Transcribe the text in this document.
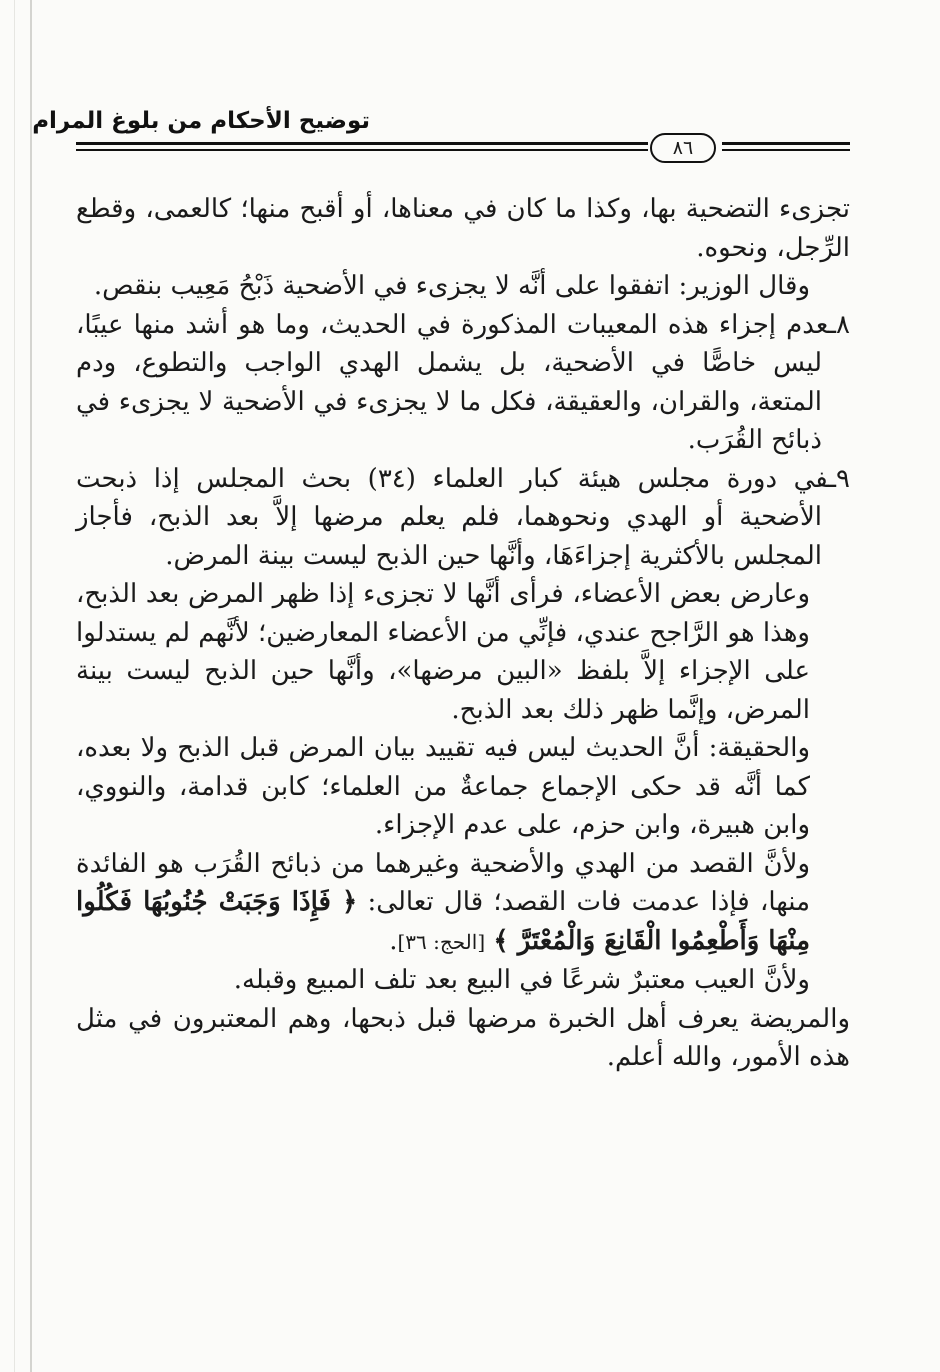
توضيح الأحكام من بلوغ المرام
٨٦

تجزىء التضحية بها، وكذا ما كان في معناها، أو أقبح منها؛ كالعمى، وقطع الرِّجل، ونحوه.

وقال الوزير: اتفقوا على أنَّه لا يجزىء في الأضحية ذَبْحُ مَعِيب بنقص.

٨ـعدم إجزاء هذه المعيبات المذكورة في الحديث، وما هو أشد منها عيبًا، ليس خاصًّا في الأضحية، بل يشمل الهدي الواجب والتطوع، ودم المتعة، والقران، والعقيقة، فكل ما لا يجزىء في الأضحية لا يجزىء في ذبائح القُرَب.

٩ـفي دورة مجلس هيئة كبار العلماء (٣٤) بحث المجلس إذا ذبحت الأضحية أو الهدي ونحوهما، فلم يعلم مرضها إلاَّ بعد الذبح، فأجاز المجلس بالأكثرية إجزاءَهَا، وأنَّها حين الذبح ليست بينة المرض.

وعارض بعض الأعضاء، فرأى أنَّها لا تجزىء إذا ظهر المرض بعد الذبح، وهذا هو الرَّاجح عندي، فإنِّي من الأعضاء المعارضين؛ لأنَّهم لم يستدلوا على الإجزاء إلاَّ بلفظ «البين مرضها»، وأنَّها حين الذبح ليست بينة المرض، وإنَّما ظهر ذلك بعد الذبح.

والحقيقة: أنَّ الحديث ليس فيه تقييد بيان المرض قبل الذبح ولا بعده، كما أنَّه قد حكى الإجماع جماعةٌ من العلماء؛ كابن قدامة، والنووي، وابن هبيرة، وابن حزم، على عدم الإجزاء.

ولأنَّ القصد من الهدي والأضحية وغيرهما من ذبائح القُرَب هو الفائدة منها، فإذا عدمت فات القصد؛ قال تعالى: ﴿ فَإِذَا وَجَبَتْ جُنُوبُهَا فَكُلُوا مِنْهَا وَأَطْعِمُوا الْقَانِعَ وَالْمُعْتَرَّ ﴾ [الحج: ٣٦].

ولأنَّ العيب معتبرٌ شرعًا في البيع بعد تلف المبيع وقبله.

والمريضة يعرف أهل الخبرة مرضها قبل ذبحها، وهم المعتبرون في مثل هذه الأمور، والله أعلم.
